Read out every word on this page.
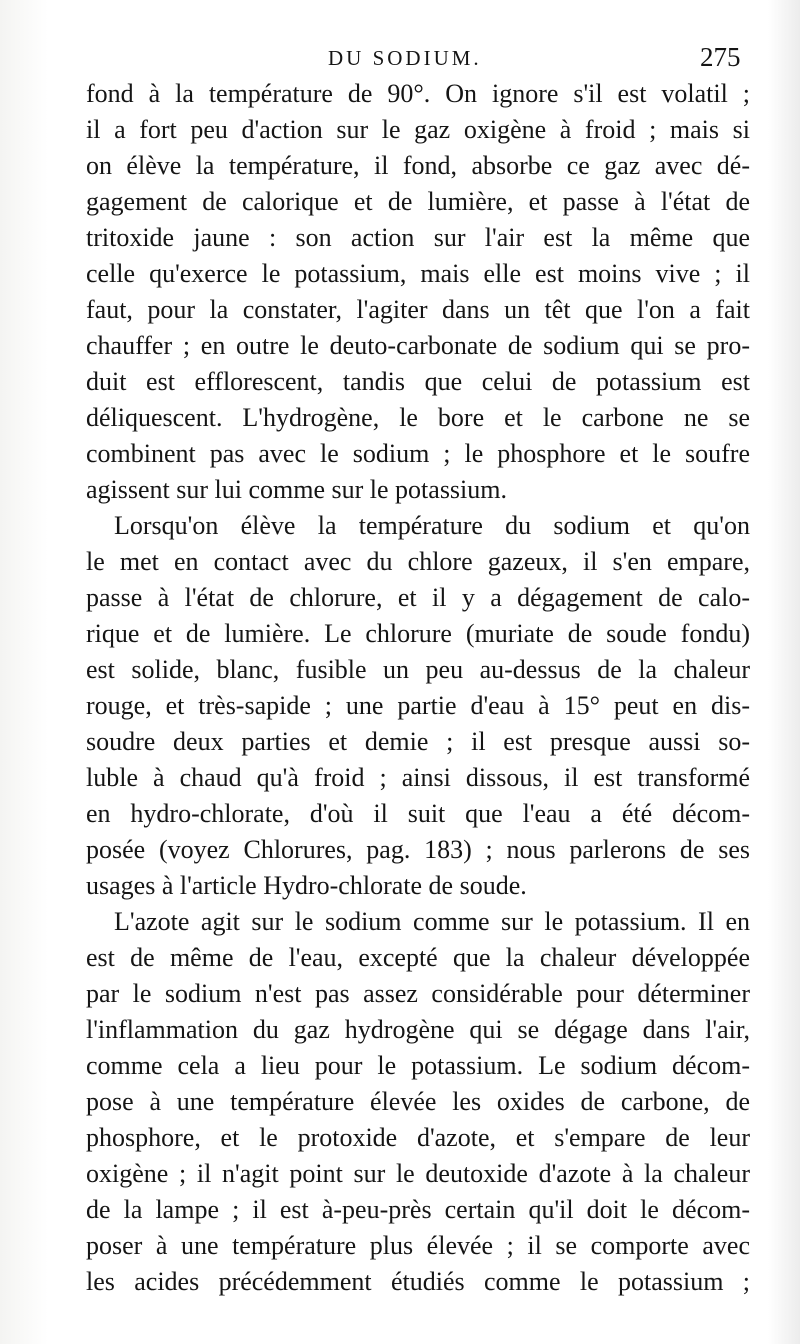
DU SODIUM.	275
fond à la température de 90°. On ignore s'il est volatil ;
il a fort peu d'action sur le gaz oxigène à froid ; mais si
on élève la température, il fond, absorbe ce gaz avec dé-
gagement de calorique et de lumière, et passe à l'état de
tritoxide jaune : son action sur l'air est la même que
celle qu'exerce le potassium, mais elle est moins vive ; il
faut, pour la constater, l'agiter dans un têt que l'on a fait
chauffer ; en outre le deuto-carbonate de sodium qui se pro-
duit est efflorescent, tandis que celui de potassium est
déliquescent. L'hydrogène, le bore et le carbone ne se
combinent pas avec le sodium ; le phosphore et le soufre
agissent sur lui comme sur le potassium.
Lorsqu'on élève la température du sodium et qu'on
le met en contact avec du chlore gazeux, il s'en empare,
passe à l'état de chlorure, et il y a dégagement de calo-
rique et de lumière. Le chlorure (muriate de soude fondu)
est solide, blanc, fusible un peu au-dessus de la chaleur
rouge, et très-sapide ; une partie d'eau à 15° peut en dis-
soudre deux parties et demie ; il est presque aussi so-
luble à chaud qu'à froid ; ainsi dissous, il est transformé
en hydro-chlorate, d'où il suit que l'eau a été décom-
posée (voyez Chlorures, pag. 183) ; nous parlerons de ses
usages à l'article Hydro-chlorate de soude.
L'azote agit sur le sodium comme sur le potassium. Il en
est de même de l'eau, excepté que la chaleur développée
par le sodium n'est pas assez considérable pour déterminer
l'inflammation du gaz hydrogène qui se dégage dans l'air,
comme cela a lieu pour le potassium. Le sodium décom-
pose à une température élevée les oxides de carbone, de
phosphore, et le protoxide d'azote, et s'empare de leur
oxigène ; il n'agit point sur le deutoxide d'azote à la chaleur
de la lampe ; il est à-peu-près certain qu'il doit le décom-
poser à une température plus élevée ; il se comporte avec
les acides précédemment étudiés comme le potassium ;
